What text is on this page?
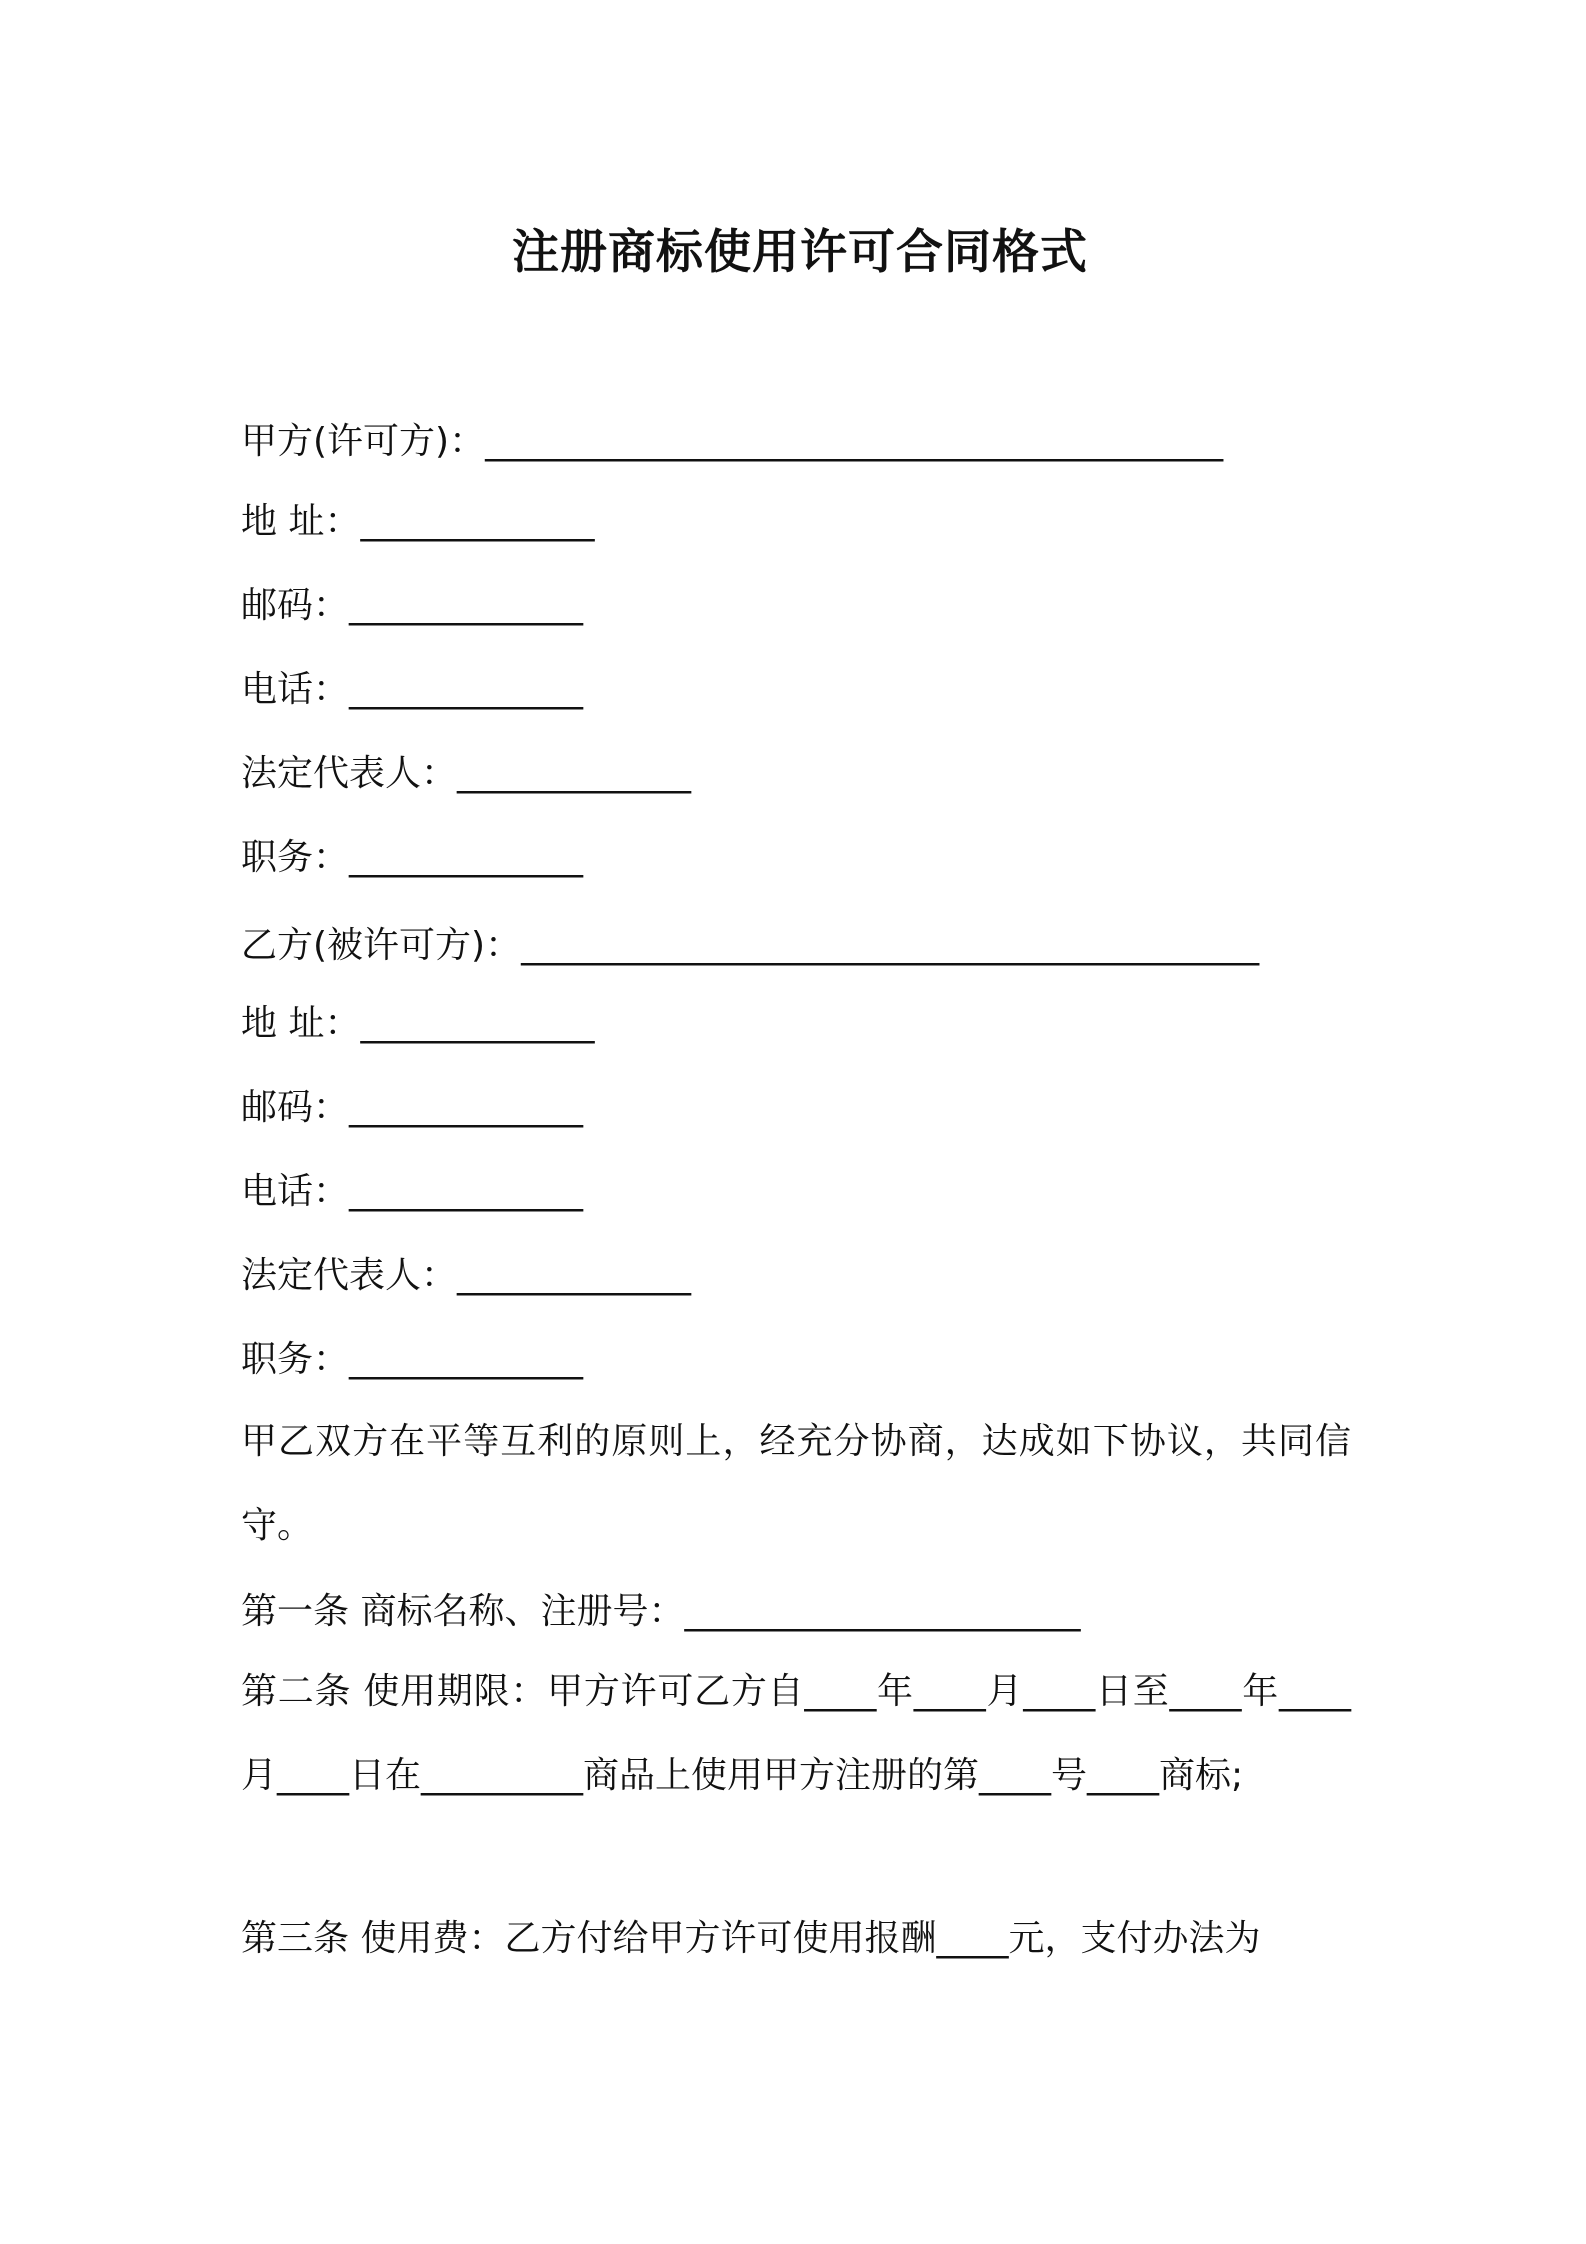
注册商标使用许可合同格式
甲方(许可方)：_________________________________________
地 址：_____________
邮码：_____________
电话：_____________
法定代表人：_____________
职务：_____________
乙方(被许可方)：_________________________________________
地 址：_____________
邮码：_____________
电话：_____________
法定代表人：_____________
职务：_____________
甲乙双方在平等互利的原则上，经充分协商，达成如下协议，共同信守。
第一条 商标名称、注册号：______________________
第二条 使用期限：甲方许可乙方自____年____月____日至____年____月____日在_________商品上使用甲方注册的第____号____商标;
第三条 使用费：乙方付给甲方许可使用报酬____元，支付办法为
